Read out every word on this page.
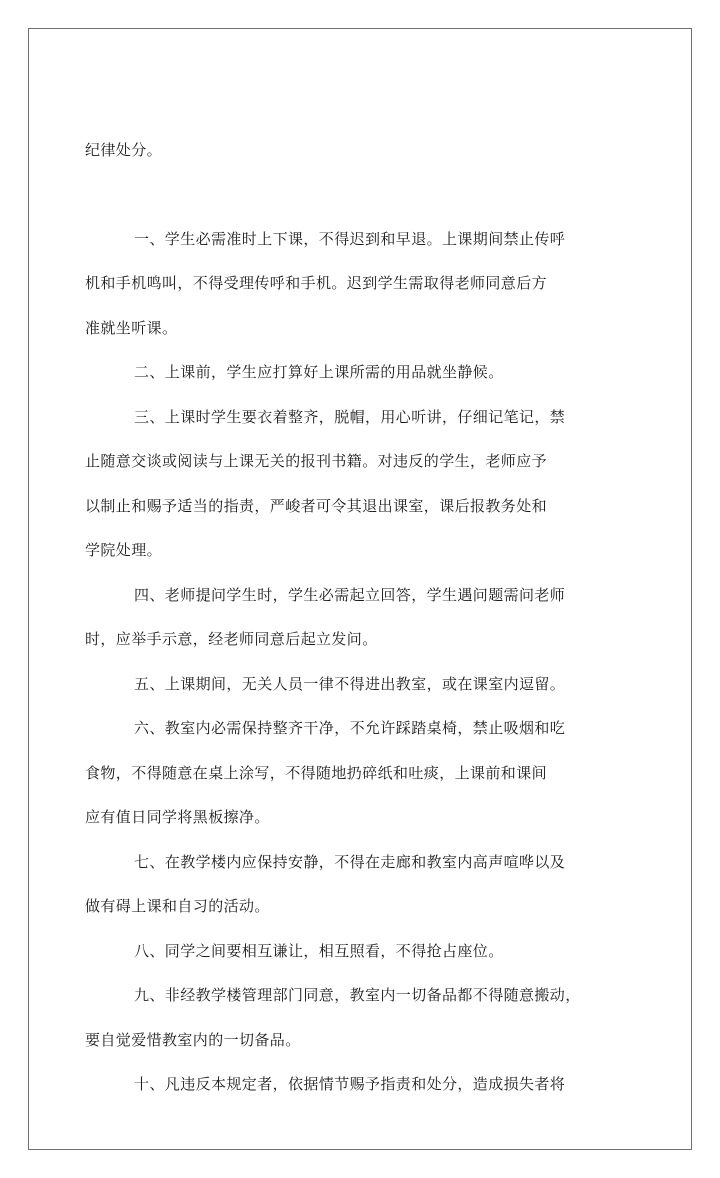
纪律处分。

一、学生必需准时上下课，不得迟到和早退。上课期间禁止传呼

机和手机鸣叫，不得受理传呼和手机。迟到学生需取得老师同意后方

准就坐听课。

二、上课前，学生应打算好上课所需的用品就坐静候。

三、上课时学生要衣着整齐，脱帽，用心听讲，仔细记笔记，禁

止随意交谈或阅读与上课无关的报刊书籍。对违反的学生，老师应予

以制止和赐予适当的指责，严峻者可令其退出课室，课后报教务处和

学院处理。

四、老师提问学生时，学生必需起立回答，学生遇问题需问老师

时，应举手示意，经老师同意后起立发问。

五、上课期间，无关人员一律不得进出教室，或在课室内逗留。

六、教室内必需保持整齐干净，不允许踩踏桌椅，禁止吸烟和吃

食物，不得随意在桌上涂写，不得随地扔碎纸和吐痰，上课前和课间

应有值日同学将黑板擦净。

七、在教学楼内应保持安静，不得在走廊和教室内高声喧哗以及

做有碍上课和自习的活动。

八、同学之间要相互谦让，相互照看，不得抢占座位。

九、非经教学楼管理部门同意，教室内一切备品都不得随意搬动，

要自觉爱惜教室内的一切备品。

十、凡违反本规定者，依据情节赐予指责和处分，造成损失者将
